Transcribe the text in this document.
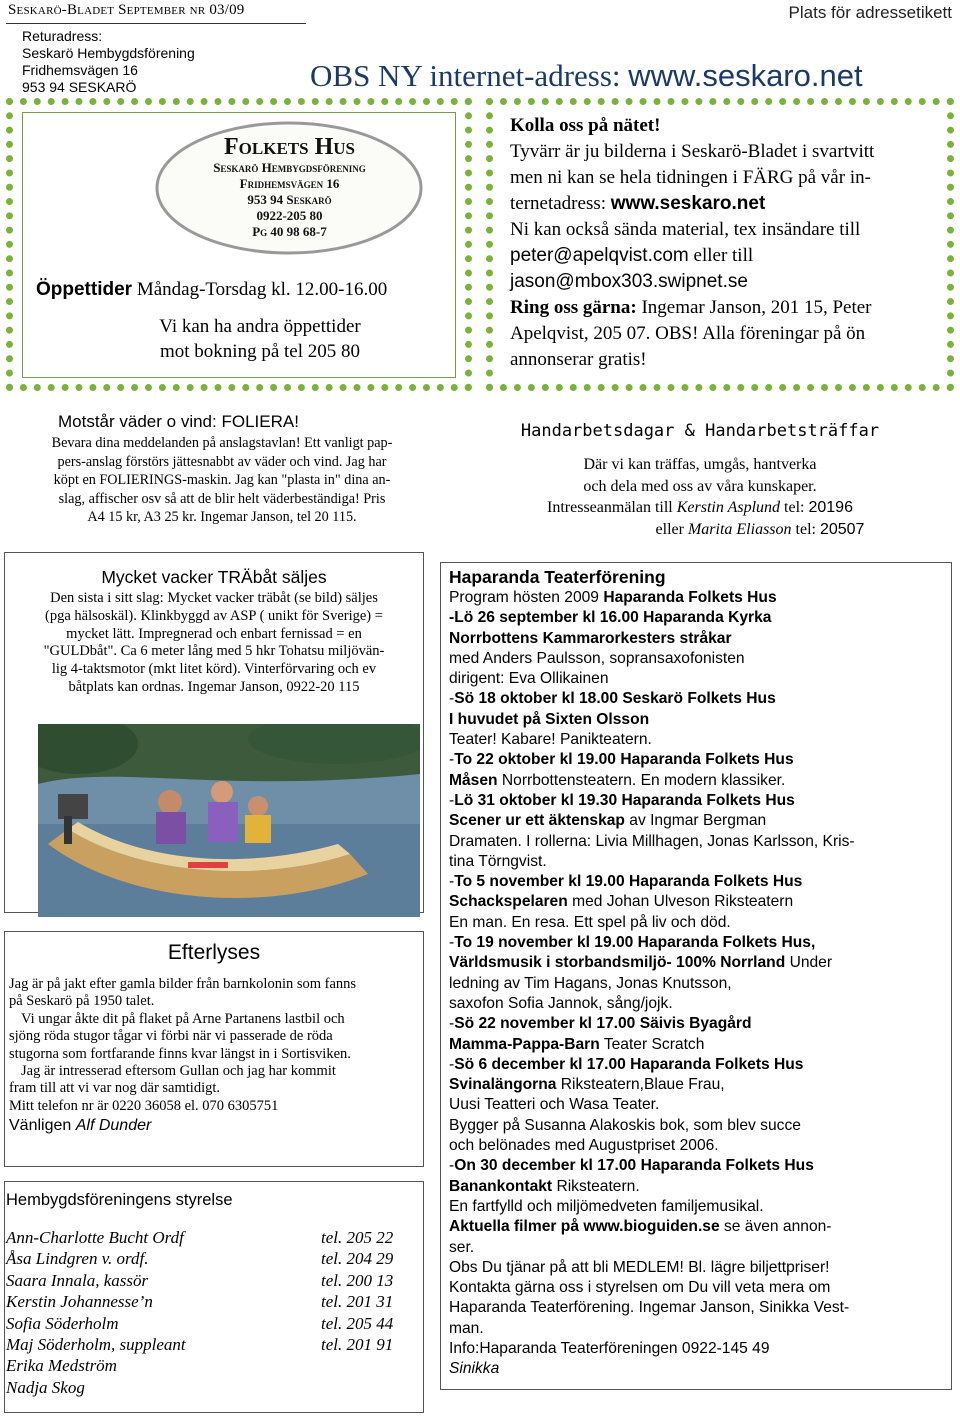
Seskarö-Bladet September nr 03/09	Plats för adressetikett
Returadress:
Seskarö Hembygdsförening
Fridhemsvägen 16
953 94 SESKARÖ	OBS NY internet-adress: www.seskaro.net
Folkets Hus
Seskarö Hembygdsförening
Fridhemsvägen 16
953 94 Seskarö
0922-205 80
Pg 40 98 68-7
Öppettider Måndag-Torsdag kl. 12.00-16.00
Vi kan ha andra öppettider
mot bokning på tel 205 80
Kolla oss på nätet!
Tyvärr är ju bilderna i Seskarö-Bladet i svartvitt
men ni kan se hela tidningen i FÄRG på vår in-
ternetadress: www.seskaro.net
Ni kan också sända material, tex insändare till
peter@apelqvist.com eller till
jason@mbox303.swipnet.se
Ring oss gärna: Ingemar Janson, 201 15, Peter
Apelqvist, 205 07. OBS! Alla föreningar på ön
annonserar gratis!
Motstår väder o vind: FOLIERA!
Bevara dina meddelanden på anslagstavlan! Ett vanligt pap-
pers-anslag förstörs jättesnabbt av väder och vind. Jag har
köpt en FOLIERINGS-maskin. Jag kan "plasta in" dina an-
slag, affischer osv så att de blir helt väderbeständiga! Pris
A4 15 kr, A3 25 kr. Ingemar Janson, tel 20 115.
Handarbetsdagar & Handarbetsträffar
Där vi kan träffas, umgås, hantverka
och dela med oss av våra kunskaper.
Intresseanmälan till Kerstin Asplund tel: 20196
eller Marita Eliasson tel: 20507
Mycket vacker TRÄbåt säljes
Den sista i sitt slag: Mycket vacker träbåt (se bild) säljes
(pga hälsoskäl). Klinkbyggd av ASP ( unikt för Sverige) =
mycket lätt. Impregnerad och enbart fernissad = en
"GULDbåt". Ca 6 meter lång med 5 hkr Tohatsu miljövän-
lig 4-taktsmotor (mkt litet körd). Vinterförvaring och ev
båtplats kan ordnas. Ingemar Janson, 0922-20 115
Efterlyses
Jag är på jakt efter gamla bilder från barnkolonin som fanns
på Seskarö på 1950 talet.
Vi ungar åkte dit på flaket på Arne Partanens lastbil och
sjöng röda stugor tågar vi förbi när vi passerade de röda
stugorna som fortfarande finns kvar längst in i Sortisviken.
Jag är intresserad eftersom Gullan och jag har kommit
fram till att vi var nog där samtidigt.
Mitt telefon nr är 0220 36058 el. 070 6305751
Vänligen Alf Dunder
Hembygdsföreningens styrelse
Ann-Charlotte Bucht Ordf	tel. 205 22
Åsa Lindgren v. ordf.	tel. 204 29
Saara Innala, kassör	tel. 200 13
Kerstin Johannesse’n	tel. 201 31
Sofia Söderholm	tel. 205 44
Maj Söderholm, suppleant	tel. 201 91
Erika Medström
Nadja Skog
Haparanda Teaterförening
Program hösten 2009 Haparanda Folkets Hus
-Lö 26 september kl 16.00 Haparanda Kyrka
Norrbottens Kammarorkesters stråkar
med Anders Paulsson, sopransaxofonisten
dirigent: Eva Ollikainen
-Sö 18 oktober kl 18.00 Seskarö Folkets Hus
I huvudet på Sixten Olsson
Teater! Kabare! Panikteatern.
-To 22 oktober kl 19.00 Haparanda Folkets Hus
Måsen Norrbottensteatern. En modern klassiker.
-Lö 31 oktober kl 19.30 Haparanda Folkets Hus
Scener ur ett äktenskap av Ingmar Bergman
Dramaten. I rollerna: Livia Millhagen, Jonas Karlsson, Kris-
tina Törngvist.
-To 5 november kl 19.00 Haparanda Folkets Hus
Schackspelaren med Johan Ulveson Riksteatern
En man. En resa. Ett spel på liv och död.
-To 19 november kl 19.00 Haparanda Folkets Hus,
Världsmusik i storbandsmiljö- 100% Norrland Under
ledning av Tim Hagans, Jonas Knutsson,
saxofon Sofia Jannok, sång/jojk.
-Sö 22 november kl 17.00 Säivis Byagård
Mamma-Pappa-Barn Teater Scratch
-Sö 6 december kl 17.00 Haparanda Folkets Hus
Svinalängorna Riksteatern,Blaue Frau,
Uusi Teatteri och Wasa Teater.
Bygger på Susanna Alakoskis bok, som blev succe
och belönades med Augustpriset 2006.
-On 30 december kl 17.00 Haparanda Folkets Hus
Banankontakt Riksteatern.
En fartfylld och miljömedveten familjemusikal.
Aktuella filmer på www.bioguiden.se se även annon-
ser.
Obs Du tjänar på att bli MEDLEM! Bl. lägre biljettpriser!
Kontakta gärna oss i styrelsen om Du vill veta mera om
Haparanda Teaterförening. Ingemar Janson, Sinikka Vest-
man.
Info:Haparanda Teaterföreningen 0922-145 49
Sinikka
